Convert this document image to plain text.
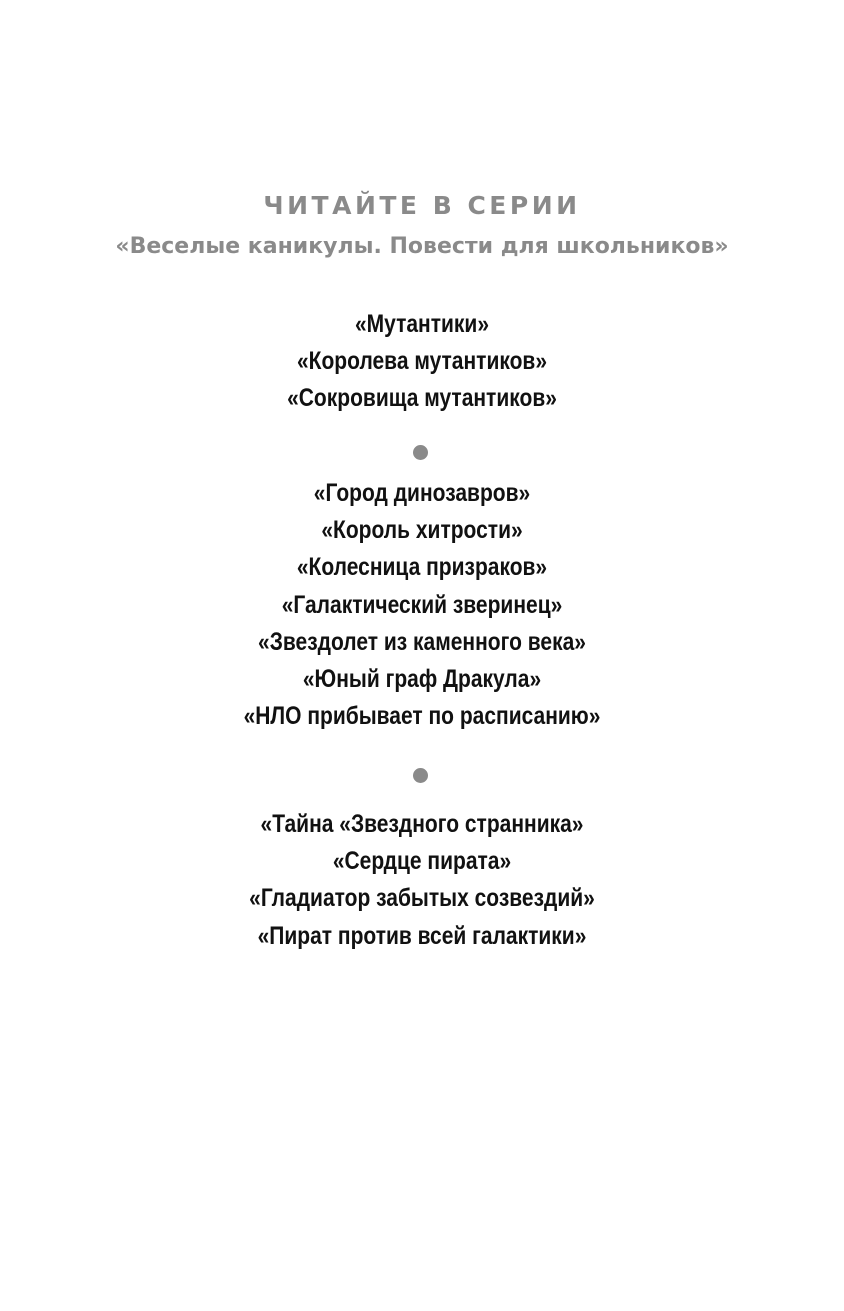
ЧИТАЙТЕ В СЕРИИ
«Веселые каникулы. Повести для школьников»
«Мутантики»
«Королева мутантиков»
«Сокровища мутантиков»
«Город динозавров»
«Король хитрости»
«Колесница призраков»
«Галактический зверинец»
«Звездолет из каменного века»
«Юный граф Дракула»
«НЛО прибывает по расписанию»
«Тайна «Звездного странника»
«Сердце пирата»
«Гладиатор забытых созвездий»
«Пират против всей галактики»
